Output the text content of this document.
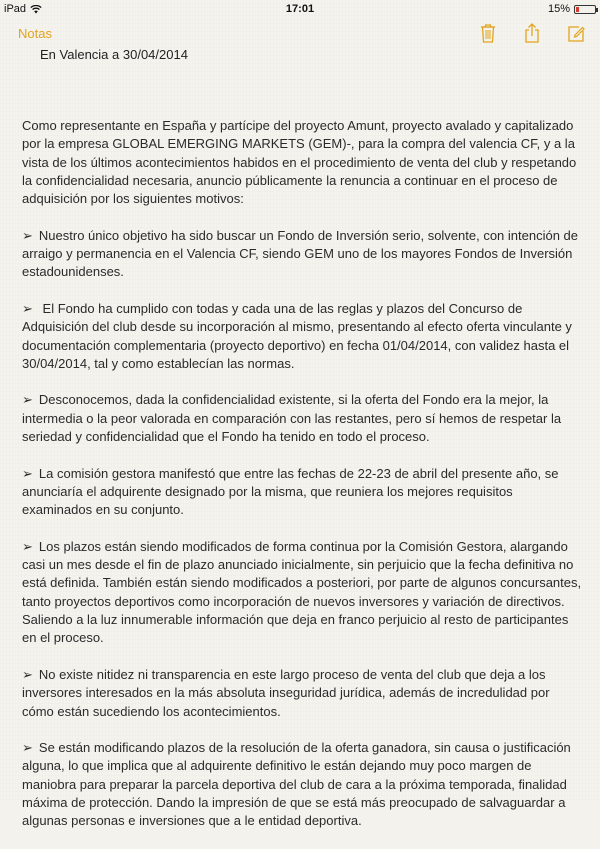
iPad	17:01	15%
Notas
En Valencia a 30/04/2014

Como representante en España y partícipe del proyecto Amunt, proyecto avalado y capitalizado por la empresa GLOBAL EMERGING MARKETS (GEM)-, para la compra del valencia CF, y a la vista de los últimos acontecimientos habidos en el procedimiento de venta del club y respetando la confidencialidad necesaria, anuncio públicamente la renuncia a continuar en el proceso de adquisición por los siguientes motivos:

➢ Nuestro único objetivo ha sido buscar un Fondo de Inversión serio, solvente, con intención de arraigo y permanencia en el Valencia CF, siendo GEM uno de los mayores Fondos de Inversión estadounidenses.

➢ El Fondo ha cumplido con todas y cada una de las reglas y plazos del Concurso de Adquisición del club desde su incorporación al mismo, presentando al efecto oferta vinculante y documentación complementaria (proyecto deportivo) en fecha 01/04/2014, con validez hasta el 30/04/2014, tal y como establecían las normas.

➢ Desconocemos, dada la confidencialidad existente, si la oferta del Fondo era la mejor, la intermedia o la peor valorada en comparación con las restantes, pero sí hemos de respetar la seriedad y confidencialidad que el Fondo ha tenido en todo el proceso.

➢ La comisión gestora manifestó que entre las fechas de 22-23 de abril del presente año, se anunciaría el adquirente designado por la misma, que reuniera los mejores requisitos examinados en su conjunto.

➢ Los plazos están siendo modificados de forma continua por la Comisión Gestora, alargando casi un mes desde el fin de plazo anunciado inicialmente, sin perjuicio que la fecha definitiva no está definida. También están siendo modificados a posteriori, por parte de algunos concursantes, tanto proyectos deportivos como incorporación de nuevos inversores y variación de directivos. Saliendo a la luz innumerable información que deja en franco perjuicio al resto de participantes en el proceso.

➢ No existe nitidez ni transparencia en este largo proceso de venta del club que deja a los inversores interesados en la más absoluta inseguridad jurídica, además de incredulidad por cómo están sucediendo los acontecimientos.

➢ Se están modificando plazos de la resolución de la oferta ganadora, sin causa o justificación alguna, lo que implica que al adquirente definitivo le están dejando muy poco margen de maniobra para preparar la parcela deportiva del club de cara a la próxima temporada, finalidad máxima de protección. Dando la impresión de que se está más preocupado de salvaguardar a algunas personas e inversiones que a le entidad deportiva.
